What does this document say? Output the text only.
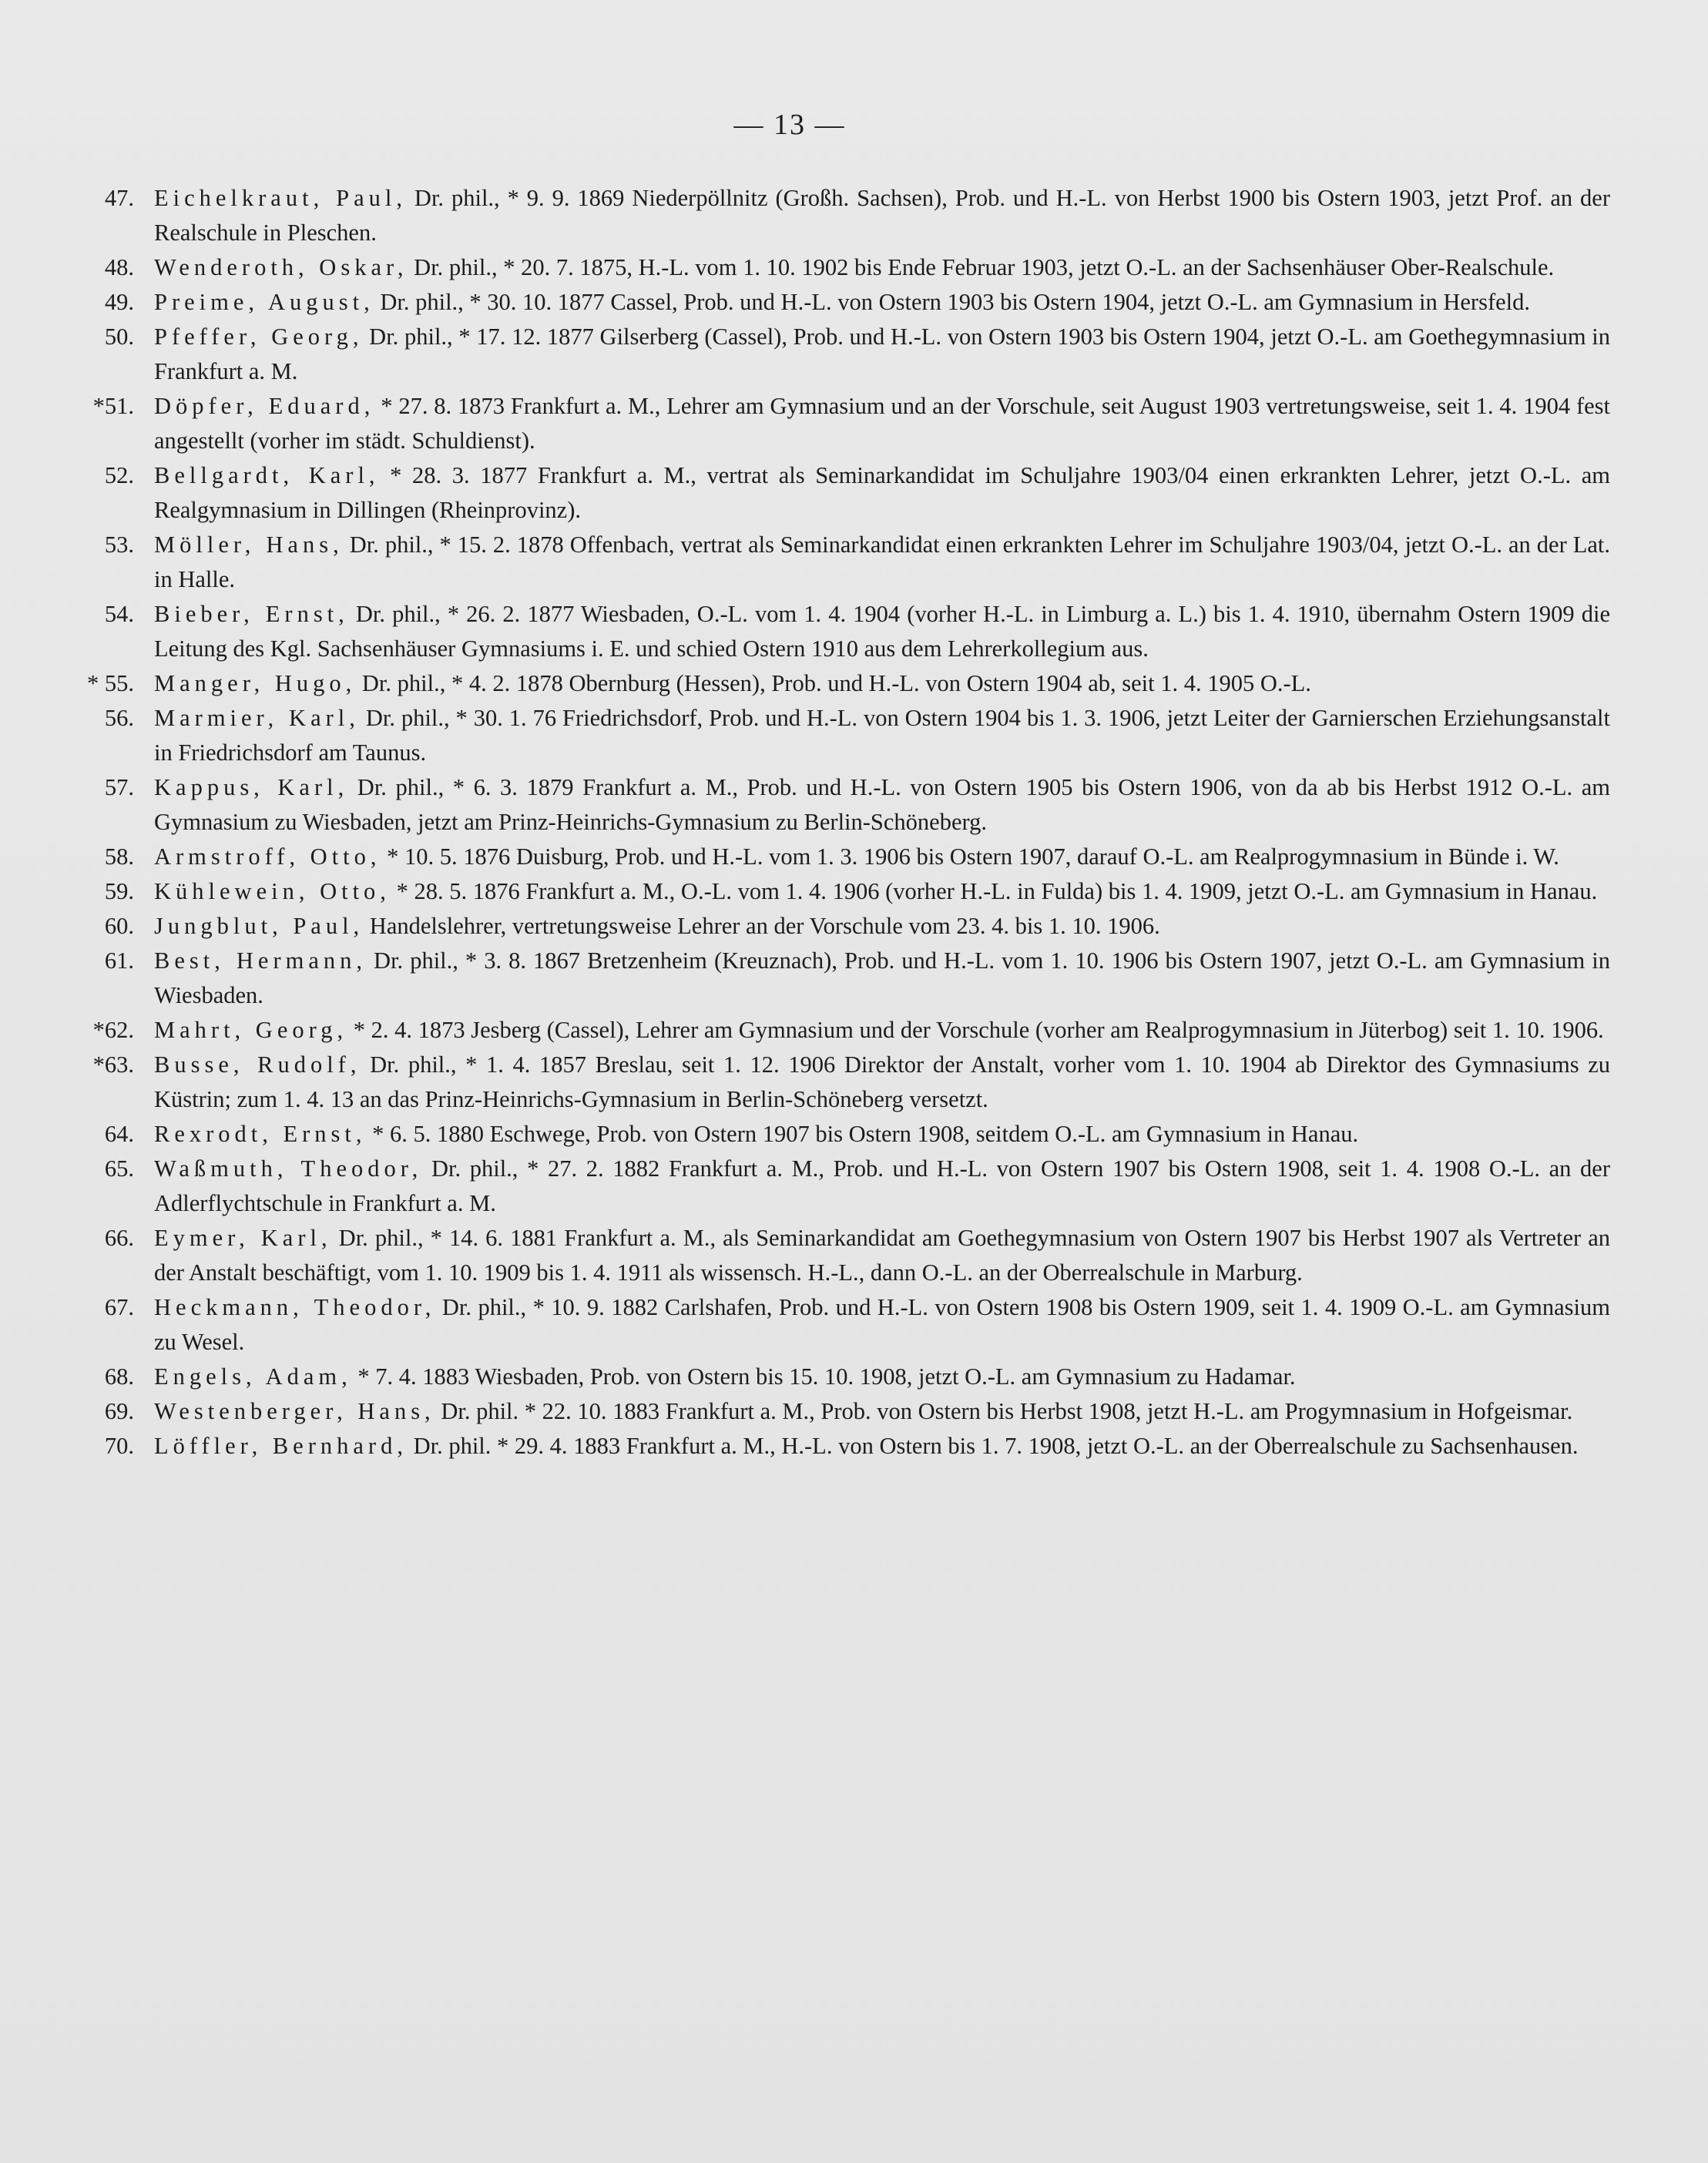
— 13 —

47. Eichelkraut, Paul, Dr. phil., * 9. 9. 1869 Niederpöllnitz (Großh. Sachsen), Prob. und H.-L. von Herbst 1900 bis Ostern 1903, jetzt Prof. an der Realschule in Pleschen.

48. Wenderoth, Oskar, Dr. phil., * 20. 7. 1875, H.-L. vom 1. 10. 1902 bis Ende Februar 1903, jetzt O.-L. an der Sachsenhäuser Ober-Realschule.

49. Preime, August, Dr. phil., * 30. 10. 1877 Cassel, Prob. und H.-L. von Ostern 1903 bis Ostern 1904, jetzt O.-L. am Gymnasium in Hersfeld.

50. Pfeffer, Georg, Dr. phil., * 17. 12. 1877 Gilserberg (Cassel), Prob. und H.-L. von Ostern 1903 bis Ostern 1904, jetzt O.-L. am Goethegymnasium in Frankfurt a. M.

*51. Döpfer, Eduard, * 27. 8. 1873 Frankfurt a. M., Lehrer am Gymnasium und an der Vorschule, seit August 1903 vertretungsweise, seit 1. 4. 1904 fest angestellt (vorher im städt. Schuldienst).

52. Bellgardt, Karl, * 28. 3. 1877 Frankfurt a. M., vertrat als Seminarkandidat im Schuljahre 1903/04 einen erkrankten Lehrer, jetzt O.-L. am Realgymnasium in Dillingen (Rheinprovinz).

53. Möller, Hans, Dr. phil., * 15. 2. 1878 Offenbach, vertrat als Seminarkandidat einen erkrankten Lehrer im Schuljahre 1903/04, jetzt O.-L. an der Lat. in Halle.

54. Bieber, Ernst, Dr. phil., * 26. 2. 1877 Wiesbaden, O.-L. vom 1. 4. 1904 (vorher H.-L. in Limburg a. L.) bis 1. 4. 1910, übernahm Ostern 1909 die Leitung des Kgl. Sachsenhäuser Gymnasiums i. E. und schied Ostern 1910 aus dem Lehrerkollegium aus.

* 55. Manger, Hugo, Dr. phil., * 4. 2. 1878 Obernburg (Hessen), Prob. und H.-L. von Ostern 1904 ab, seit 1. 4. 1905 O.-L.

56. Marmier, Karl, Dr. phil., * 30. 1. 76 Friedrichsdorf, Prob. und H.-L. von Ostern 1904 bis 1. 3. 1906, jetzt Leiter der Garnierschen Erziehungsanstalt in Friedrichsdorf am Taunus.

57. Kappus, Karl, Dr. phil., * 6. 3. 1879 Frankfurt a. M., Prob. und H.-L. von Ostern 1905 bis Ostern 1906, von da ab bis Herbst 1912 O.-L. am Gymnasium zu Wiesbaden, jetzt am Prinz-Heinrichs-Gymnasium zu Berlin-Schöneberg.

58. Armstroff, Otto, * 10. 5. 1876 Duisburg, Prob. und H.-L. vom 1. 3. 1906 bis Ostern 1907, darauf O.-L. am Realprogymnasium in Bünde i. W.

59. Kühlewein, Otto, * 28. 5. 1876 Frankfurt a. M., O.-L. vom 1. 4. 1906 (vorher H.-L. in Fulda) bis 1. 4. 1909, jetzt O.-L. am Gymnasium in Hanau.

60. Jungblut, Paul, Handelslehrer, vertretungsweise Lehrer an der Vorschule vom 23. 4. bis 1. 10. 1906.

61. Best, Hermann, Dr. phil., * 3. 8. 1867 Bretzenheim (Kreuznach), Prob. und H.-L. vom 1. 10. 1906 bis Ostern 1907, jetzt O.-L. am Gymnasium in Wiesbaden.

*62. Mahrt, Georg, * 2. 4. 1873 Jesberg (Cassel), Lehrer am Gymnasium und der Vorschule (vorher am Realprogymnasium in Jüterbog) seit 1. 10. 1906.

*63. Busse, Rudolf, Dr. phil., * 1. 4. 1857 Breslau, seit 1. 12. 1906 Direktor der Anstalt, vorher vom 1. 10. 1904 ab Direktor des Gymnasiums zu Küstrin; zum 1. 4. 13 an das Prinz-Heinrichs-Gymnasium in Berlin-Schöneberg versetzt.

64. Rexrodt, Ernst, * 6. 5. 1880 Eschwege, Prob. von Ostern 1907 bis Ostern 1908, seitdem O.-L. am Gymnasium in Hanau.

65. Waßmuth, Theodor, Dr. phil., * 27. 2. 1882 Frankfurt a. M., Prob. und H.-L. von Ostern 1907 bis Ostern 1908, seit 1. 4. 1908 O.-L. an der Adlerflychtschule in Frankfurt a. M.

66. Eymer, Karl, Dr. phil., * 14. 6. 1881 Frankfurt a. M., als Seminarkandidat am Goethegymnasium von Ostern 1907 bis Herbst 1907 als Vertreter an der Anstalt beschäftigt, vom 1. 10. 1909 bis 1. 4. 1911 als wissensch. H.-L., dann O.-L. an der Oberrealschule in Marburg.

67. Heckmann, Theodor, Dr. phil., * 10. 9. 1882 Carlshafen, Prob. und H.-L. von Ostern 1908 bis Ostern 1909, seit 1. 4. 1909 O.-L. am Gymnasium zu Wesel.

68. Engels, Adam, * 7. 4. 1883 Wiesbaden, Prob. von Ostern bis 15. 10. 1908, jetzt O.-L. am Gymnasium zu Hadamar.

69. Westenberger, Hans, Dr. phil. * 22. 10. 1883 Frankfurt a. M., Prob. von Ostern bis Herbst 1908, jetzt H.-L. am Progymnasium in Hofgeismar.

70. Löffler, Bernhard, Dr. phil. * 29. 4. 1883 Frankfurt a. M., H.-L. von Ostern bis 1. 7. 1908, jetzt O.-L. an der Oberrealschule zu Sachsenhausen.
